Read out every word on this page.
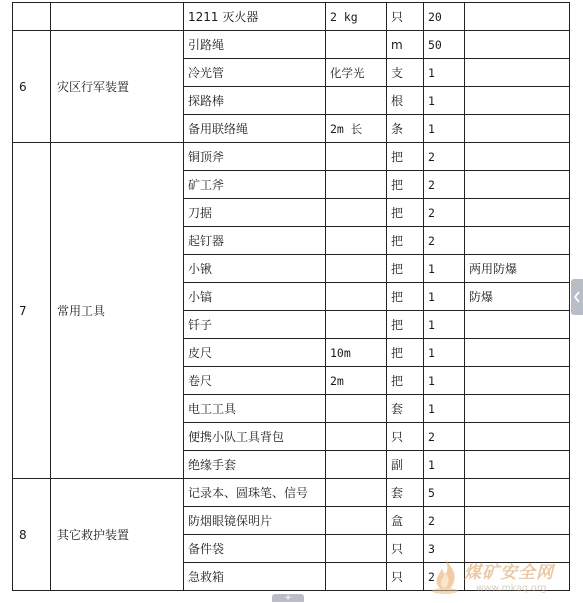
		1211 灭火器	2 kg	只	20	
6	灾区行军装置	引路绳		m	50	
		冷光管	化学光	支	1	
		探路棒		根	1	
		备用联络绳	2m 长	条	1	
7	常用工具	铜顶斧		把	2	
		矿工斧		把	2	
		刀据		把	2	
		起钉器		把	2	
		小锹		把	1	两用防爆
		小镐		把	1	防爆
		钎子		把	1	
		皮尺	10m	把	1	
		卷尺	2m	把	1	
		电工工具		套	1	
		便携小队工具背包		只	2	
		绝缘手套		副	1	
8	其它救护装置	记录本、圆珠笔、信号		套	5	
		防烟眼镜保明片		盒	2	
		备件袋		只	3	
		急救箱		只	2	
+
煤矿安全网
www.mkaq.org
